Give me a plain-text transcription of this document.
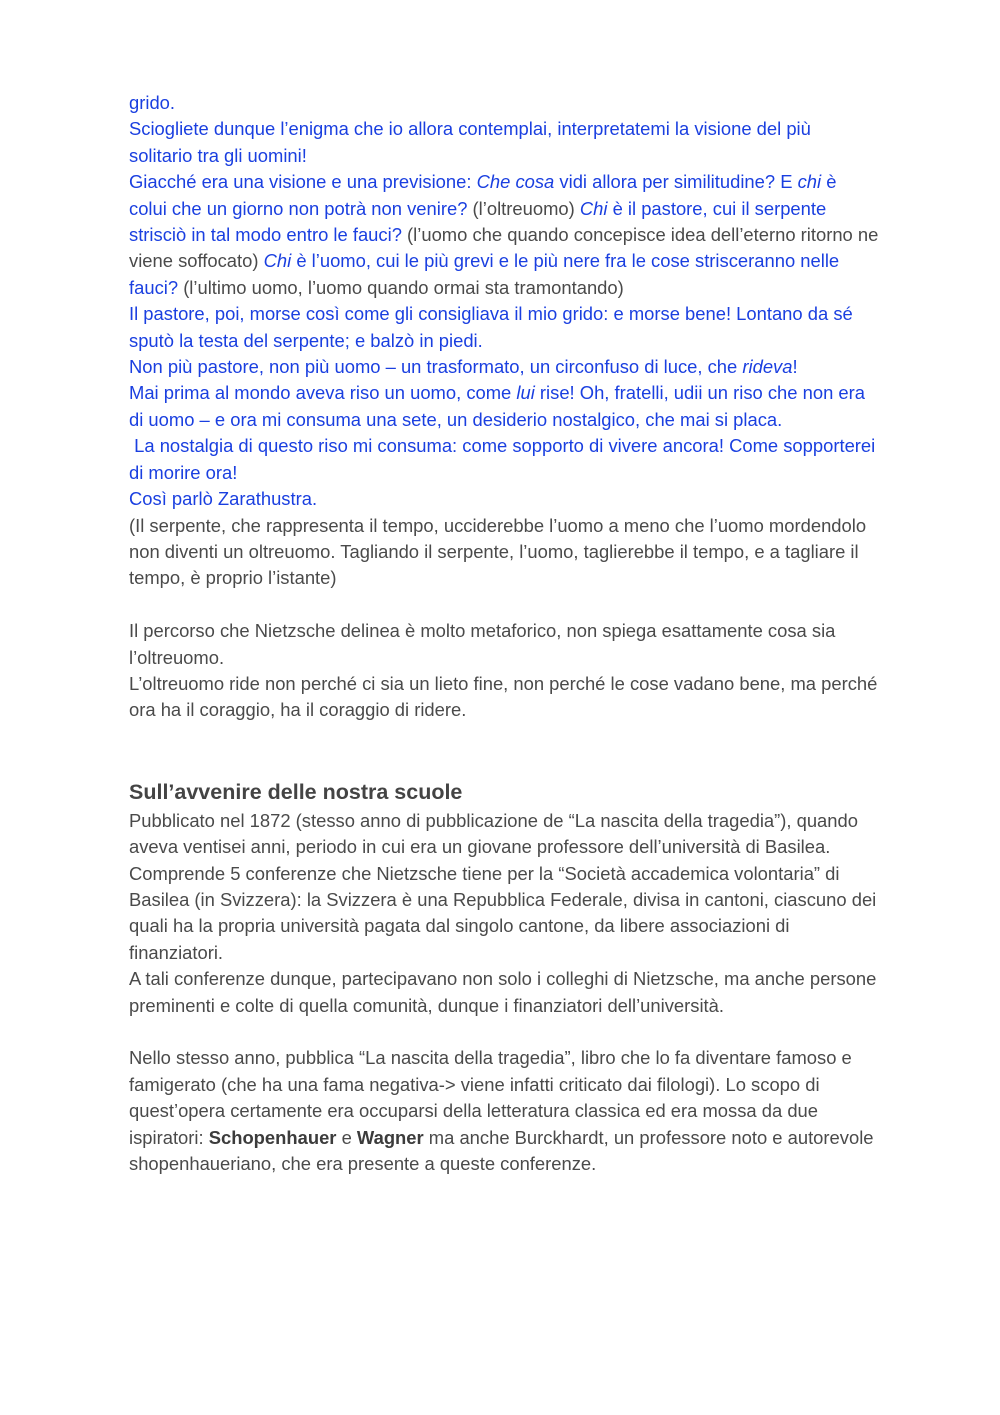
grido.

Sciogliete dunque l’enigma che io allora contemplai, interpretatemi la visione del più solitario tra gli uomini!

Giacché era una visione e una previsione: Che cosa vidi allora per similitudine? E chi è colui che un giorno non potrà non venire? (l’oltreuomo) Chi è il pastore, cui il serpente strisciò in tal modo entro le fauci? (l’uomo che quando concepisce idea dell’eterno ritorno ne viene soffocato) Chi è l’uomo, cui le più grevi e le più nere fra le cose strisceranno nelle fauci? (l’ultimo uomo, l’uomo quando ormai sta tramontando)

Il pastore, poi, morse così come gli consigliava il mio grido: e morse bene! Lontano da sé sputò la testa del serpente; e balzò in piedi.

Non più pastore, non più uomo – un trasformato, un circonfuso di luce, che rideva!

Mai prima al mondo aveva riso un uomo, come lui rise! Oh, fratelli, udii un riso che non era di uomo – e ora mi consuma una sete, un desiderio nostalgico, che mai si placa.

La nostalgia di questo riso mi consuma: come sopporto di vivere ancora! Come sopporterei di morire ora!

Così parlò Zarathustra.

(Il serpente, che rappresenta il tempo, ucciderebbe l’uomo a meno che l’uomo mordendolo non diventi un oltreuomo. Tagliando il serpente, l’uomo, taglierebbe il tempo, e a tagliare il tempo, è proprio l’istante)

Il percorso che Nietzsche delinea è molto metaforico, non spiega esattamente cosa sia l’oltreuomo.

L’oltreuomo ride non perché ci sia un lieto fine, non perché le cose vadano bene, ma perché ora ha il coraggio, ha il coraggio di ridere.

Sull’avvenire delle nostra scuole

Pubblicato nel 1872 (stesso anno di pubblicazione de “La nascita della tragedia”), quando aveva ventisei anni, periodo in cui era un giovane professore dell’università di Basilea.

Comprende 5 conferenze che Nietzsche tiene per la “Società accademica volontaria” di Basilea (in Svizzera): la Svizzera è una Repubblica Federale, divisa in cantoni, ciascuno dei quali ha la propria università pagata dal singolo cantone, da libere associazioni di finanziatori.

A tali conferenze dunque, partecipavano non solo i colleghi di Nietzsche, ma anche persone preminenti e colte di quella comunità, dunque i finanziatori dell’università.

Nello stesso anno, pubblica “La nascita della tragedia”, libro che lo fa diventare famoso e famigerato (che ha una fama negativa-> viene infatti criticato dai filologi). Lo scopo di quest’opera certamente era occuparsi della letteratura classica ed era mossa da due ispiratori: Schopenhauer e Wagner ma anche Burckhardt, un professore noto e autorevole shopenhaueriano, che era presente a queste conferenze.
